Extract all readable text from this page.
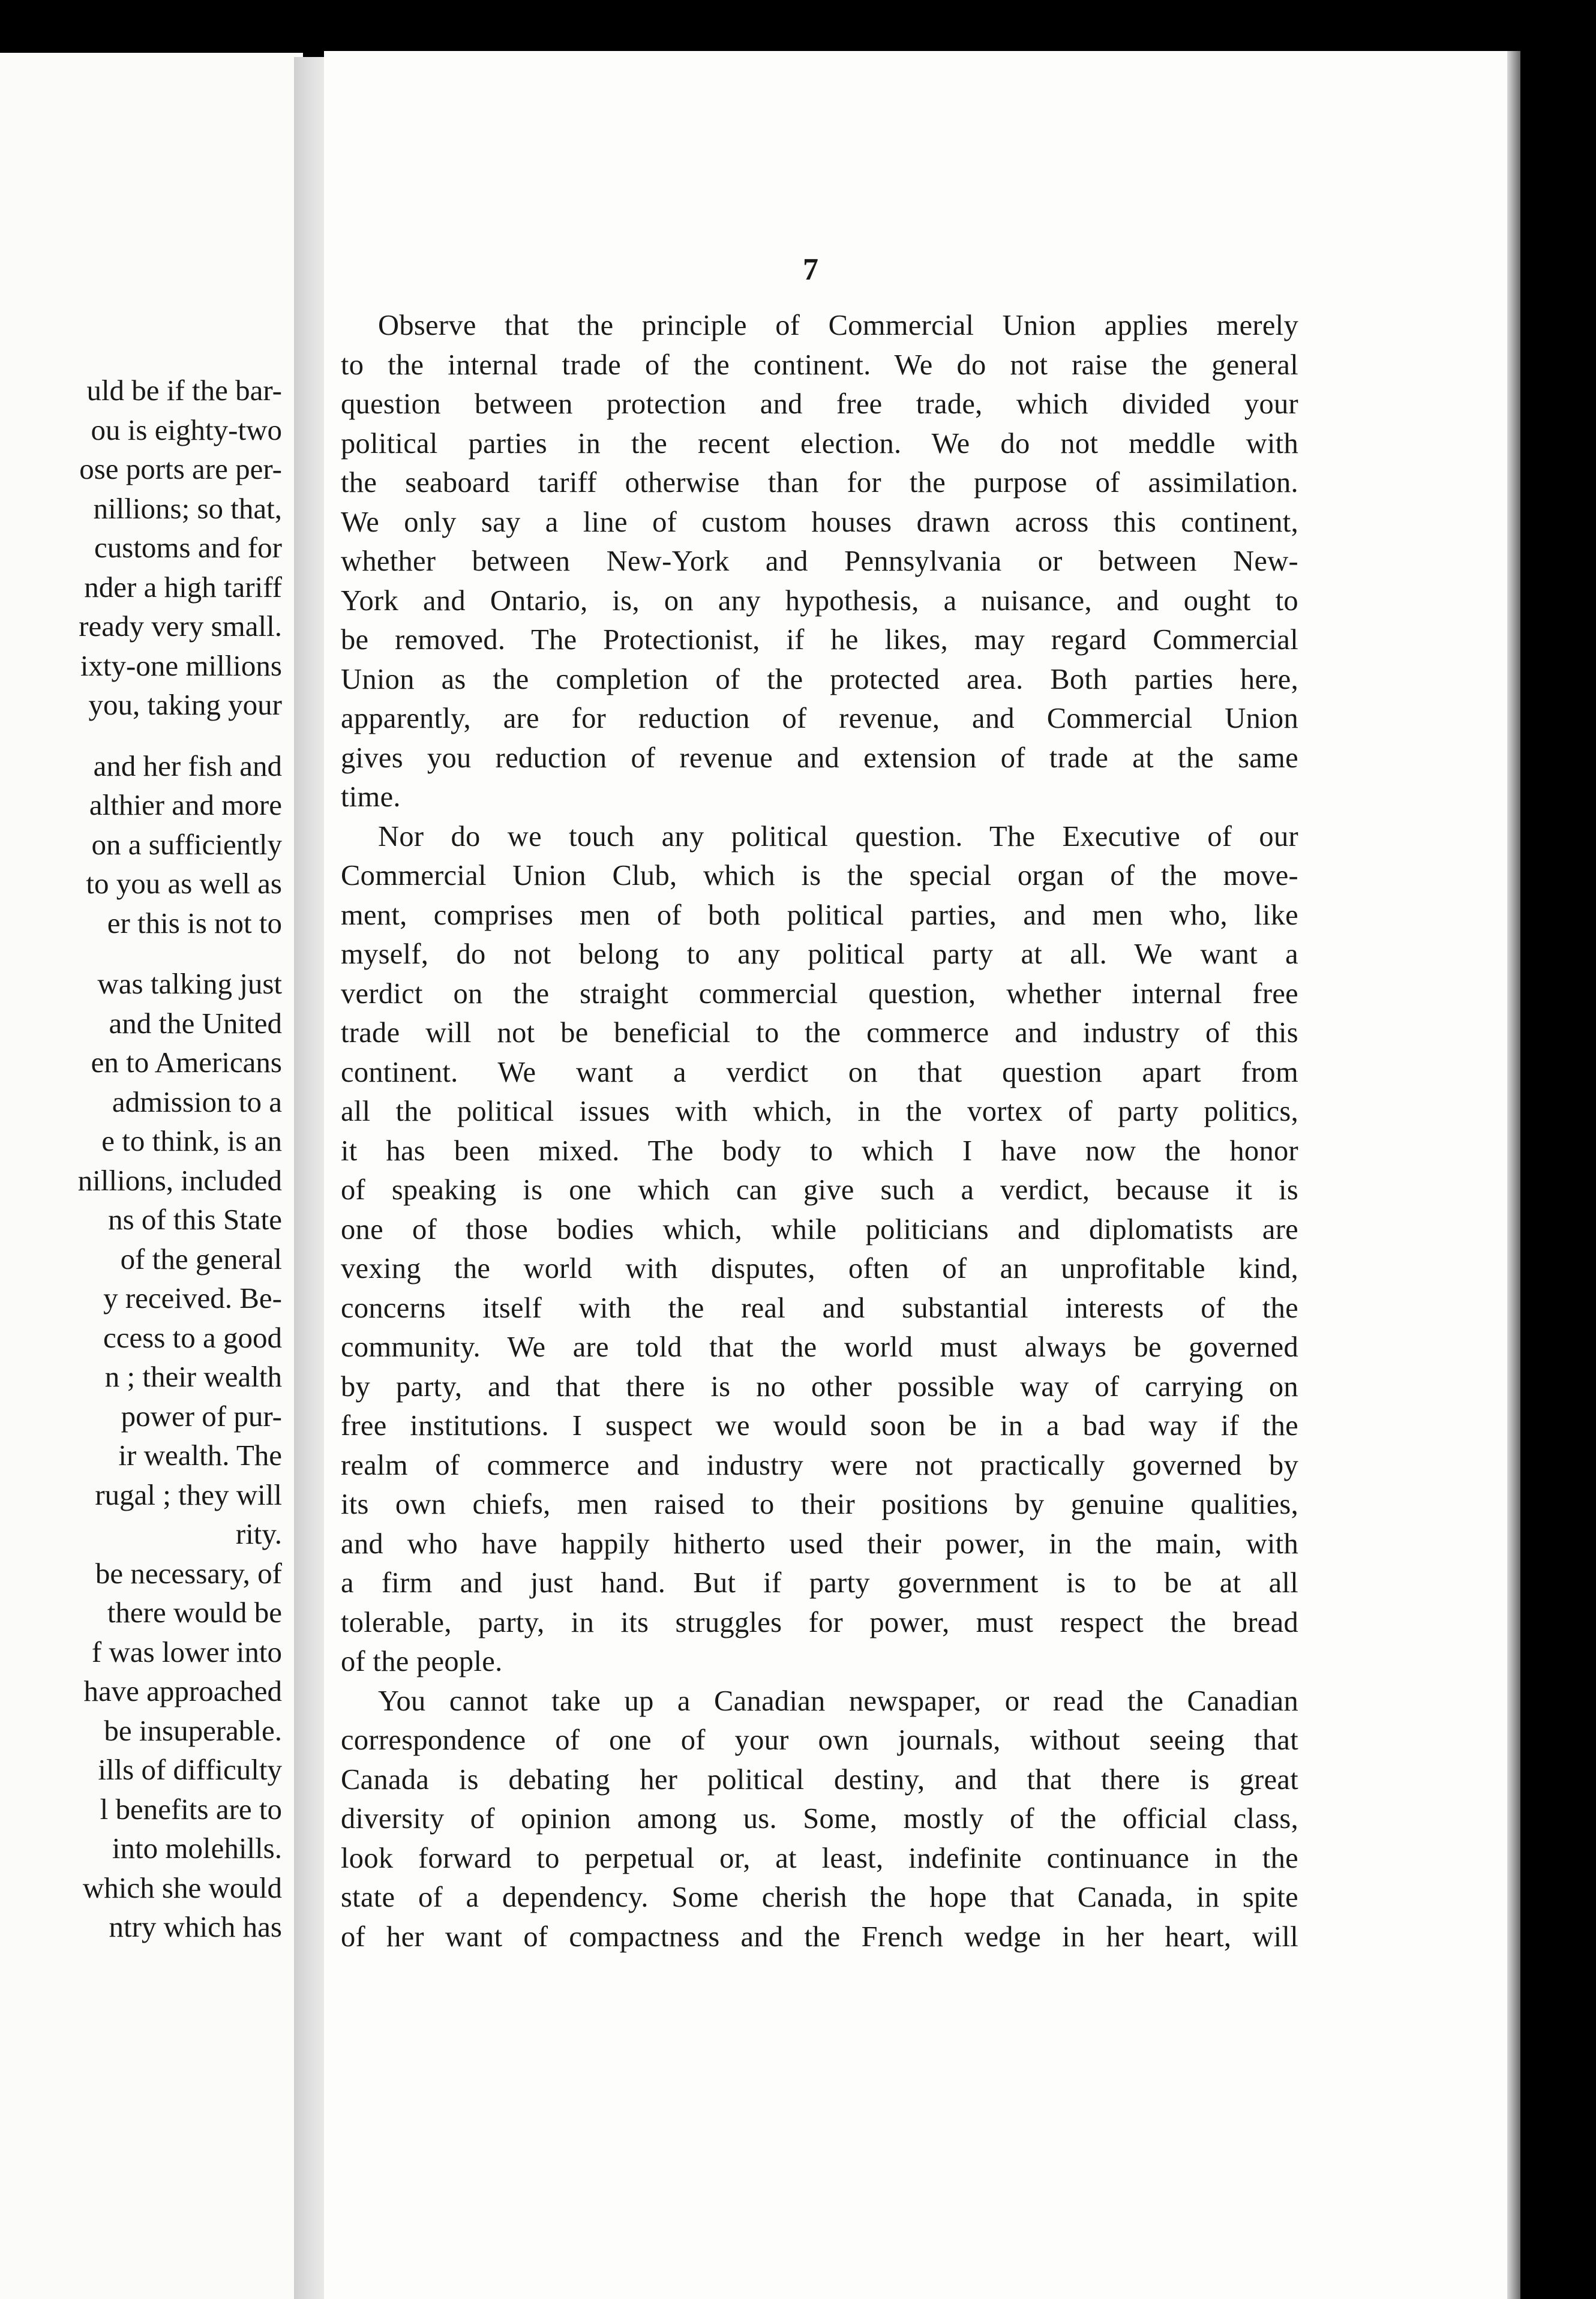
uld be if the bar-
ou is eighty-two
ose ports are per-
nillions; so that,
customs and for
nder a high tariff
ready very small.
ixty-one millions
you, taking your
and her fish and
althier and more
on a sufficiently
to you as well as
er this is not to
was talking just
and the United
en to Americans
admission to a
e to think, is an
nillions, included
ns of this State
of the general
y received. Be-
ccess to a good
n ; their wealth
power of pur-
ir wealth. The
rugal ; they will
rity.
be necessary, of
there would be
f was lower into
have approached
be insuperable.
ills of difficulty
l benefits are to
into molehills.
which she would
ntry which has
7
Observe that the principle of Commercial Union applies merely
to the internal trade of the continent. We do not raise the general
question between protection and free trade, which divided your
political parties in the recent election. We do not meddle with
the seaboard tariff otherwise than for the purpose of assimilation.
We only say a line of custom houses drawn across this continent,
whether between New-York and Pennsylvania or between New-
York and Ontario, is, on any hypothesis, a nuisance, and ought to
be removed. The Protectionist, if he likes, may regard Commercial
Union as the completion of the protected area. Both parties here,
apparently, are for reduction of revenue, and Commercial Union
gives you reduction of revenue and extension of trade at the same
time.
Nor do we touch any political question. The Executive of our
Commercial Union Club, which is the special organ of the move-
ment, comprises men of both political parties, and men who, like
myself, do not belong to any political party at all. We want a
verdict on the straight commercial question, whether internal free
trade will not be beneficial to the commerce and industry of this
continent. We want a verdict on that question apart from
all the political issues with which, in the vortex of party politics,
it has been mixed. The body to which I have now the honor
of speaking is one which can give such a verdict, because it is
one of those bodies which, while politicians and diplomatists are
vexing the world with disputes, often of an unprofitable kind,
concerns itself with the real and substantial interests of the
community. We are told that the world must always be governed
by party, and that there is no other possible way of carrying on
free institutions. I suspect we would soon be in a bad way if the
realm of commerce and industry were not practically governed by
its own chiefs, men raised to their positions by genuine qualities,
and who have happily hitherto used their power, in the main, with
a firm and just hand. But if party government is to be at all
tolerable, party, in its struggles for power, must respect the bread
of the people.
You cannot take up a Canadian newspaper, or read the Canadian
correspondence of one of your own journals, without seeing that
Canada is debating her political destiny, and that there is great
diversity of opinion among us. Some, mostly of the official class,
look forward to perpetual or, at least, indefinite continuance in the
state of a dependency. Some cherish the hope that Canada, in spite
of her want of compactness and the French wedge in her heart, will
